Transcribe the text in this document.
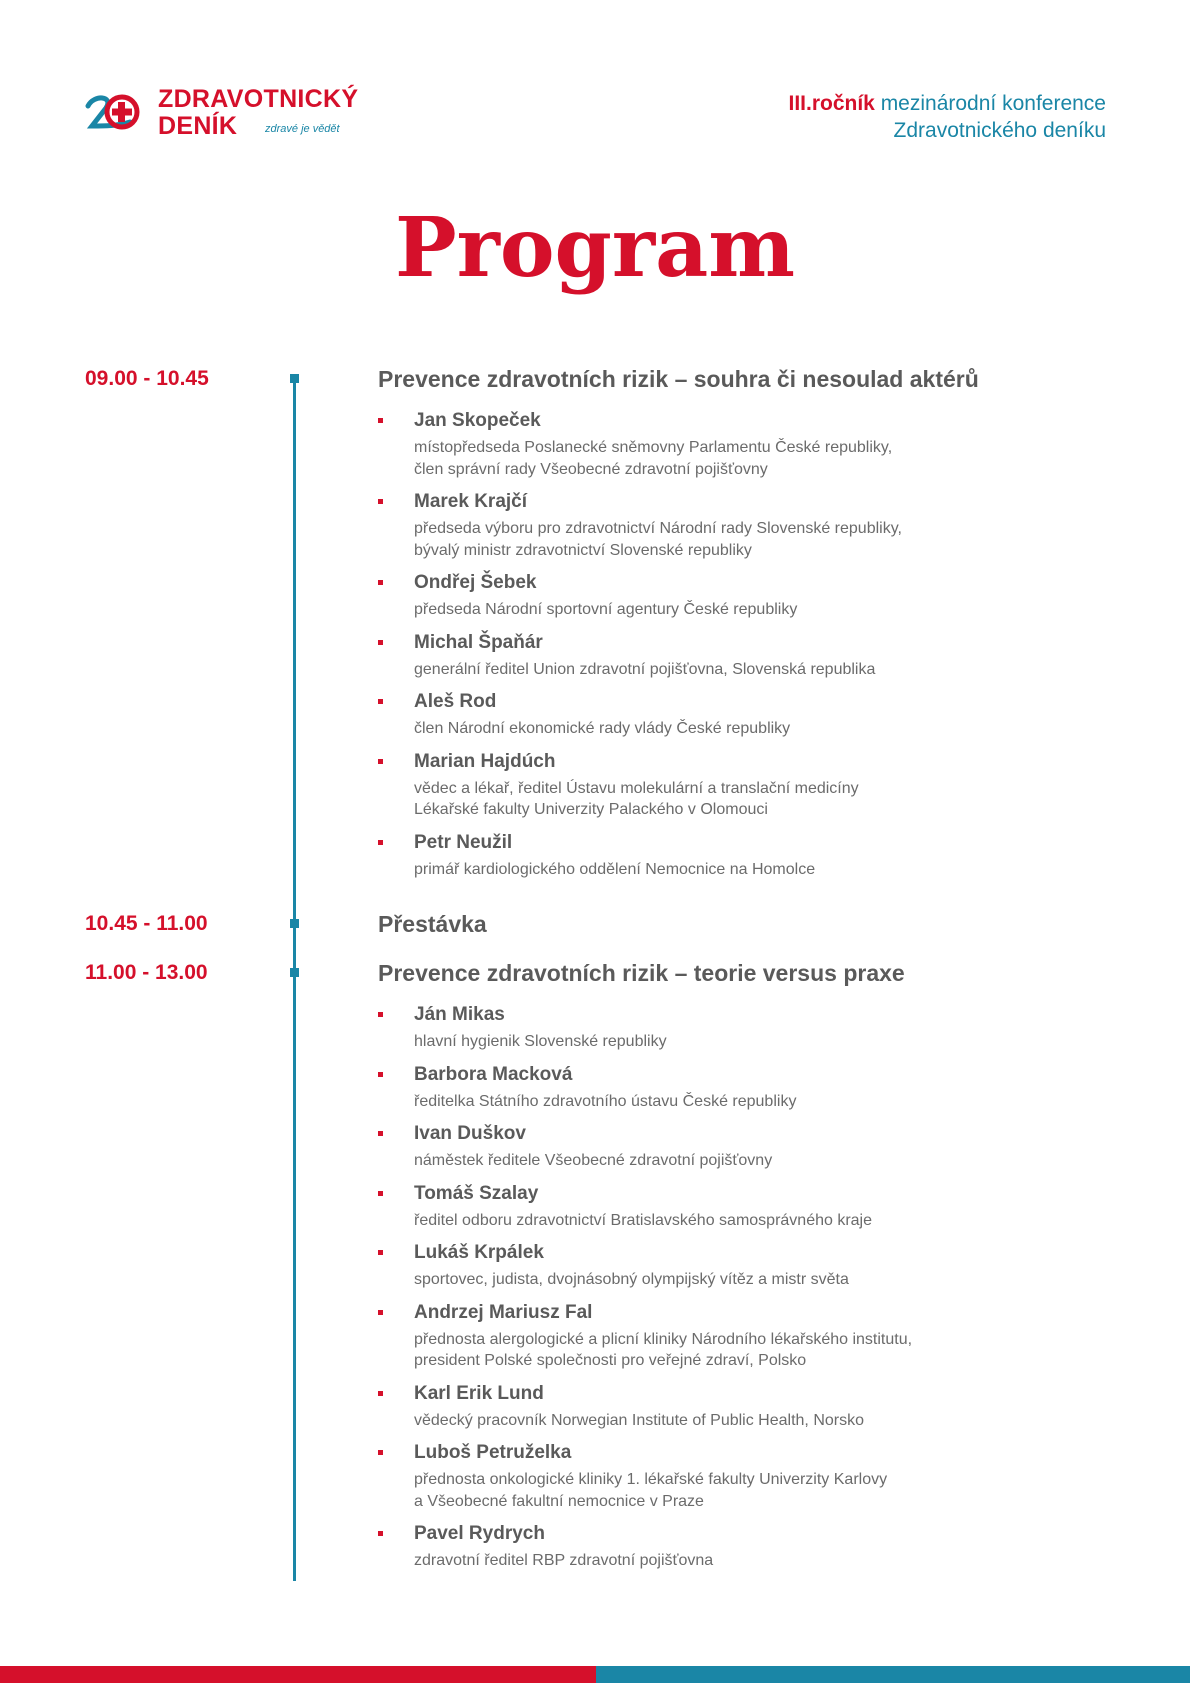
ZDRAVOTNICKÝ
DENÍK	zdravé je vědět
III.ročník mezinárodní konference
Zdravotnického deníku
Program
09.00 - 10.45	Prevence zdravotních rizik – souhra či nesoulad aktérů
Jan Skopeček
místopředseda Poslanecké sněmovny Parlamentu České republiky,
člen správní rady Všeobecné zdravotní pojišťovny
Marek Krajčí
předseda výboru pro zdravotnictví Národní rady Slovenské republiky,
bývalý ministr zdravotnictví Slovenské republiky
Ondřej Šebek
předseda Národní sportovní agentury České republiky
Michal Špaňár
generální ředitel Union zdravotní pojišťovna, Slovenská republika
Aleš Rod
člen Národní ekonomické rady vlády České republiky
Marian Hajdúch
vědec a lékař, ředitel Ústavu molekulární a translační medicíny
Lékařské fakulty Univerzity Palackého v Olomouci
Petr Neužil
primář kardiologického oddělení Nemocnice na Homolce
10.45 - 11.00	Přestávka
11.00 - 13.00	Prevence zdravotních rizik – teorie versus praxe
Ján Mikas
hlavní hygienik Slovenské republiky
Barbora Macková
ředitelka Státního zdravotního ústavu České republiky
Ivan Duškov
náměstek ředitele Všeobecné zdravotní pojišťovny
Tomáš Szalay
ředitel odboru zdravotnictví Bratislavského samosprávného kraje
Lukáš Krpálek
sportovec, judista, dvojnásobný olympijský vítěz a mistr světa
Andrzej Mariusz Fal
přednosta alergologické a plicní kliniky Národního lékařského institutu,
president Polské společnosti pro veřejné zdraví, Polsko
Karl Erik Lund
vědecký pracovník Norwegian Institute of Public Health, Norsko
Luboš Petruželka
přednosta onkologické kliniky 1. lékařské fakulty Univerzity Karlovy
a Všeobecné fakultní nemocnice v Praze
Pavel Rydrych
zdravotní ředitel RBP zdravotní pojišťovna
